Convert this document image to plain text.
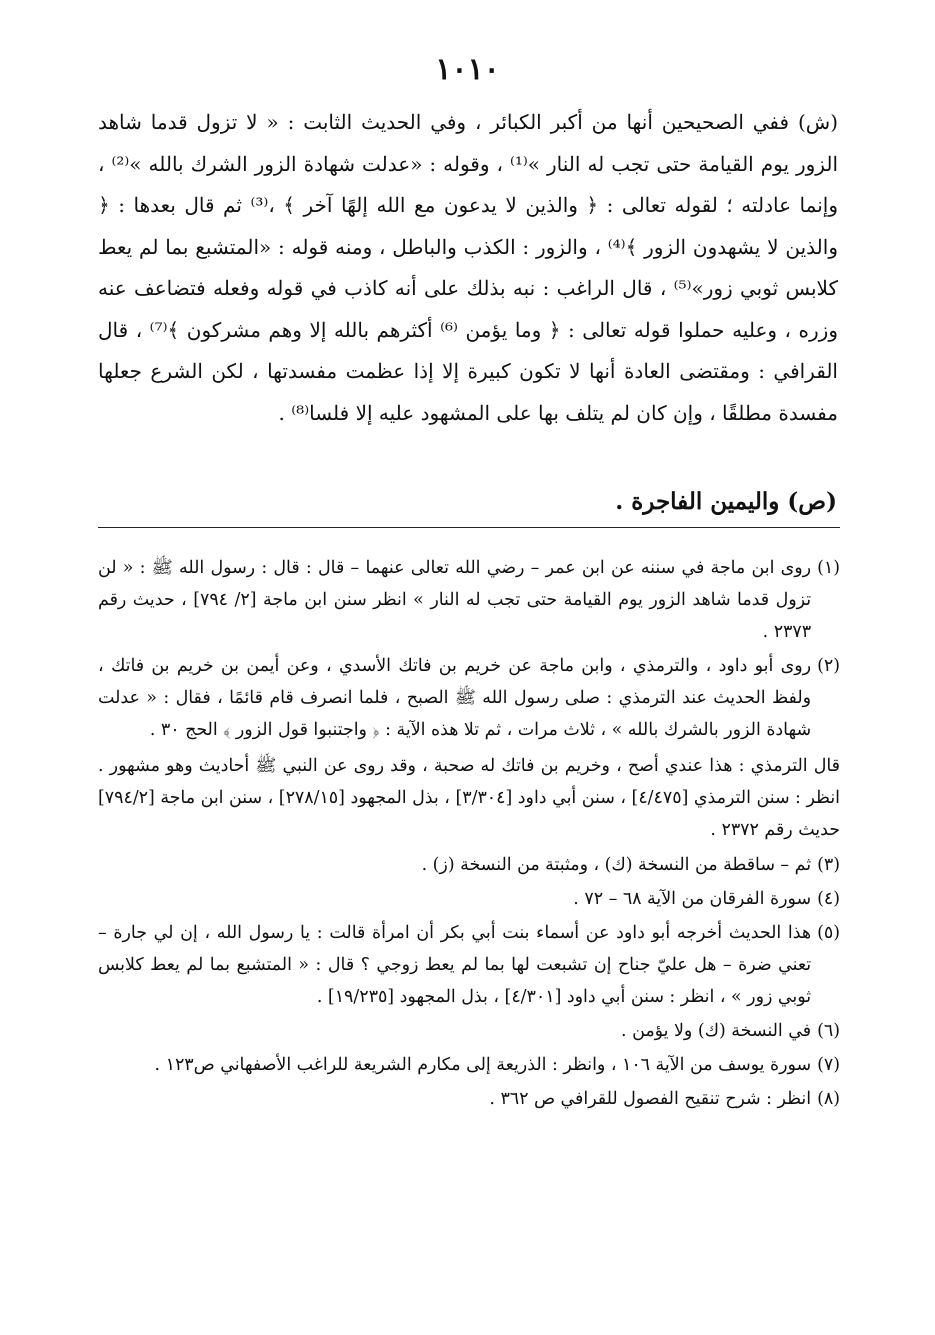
١٠١٠

(ش) ففي الصحيحين أنها من أكبر الكبائر ، وفي الحديث الثابت : « لا تزول قدما شاهد الزور يوم القيامة حتى تجب له النار »⁽¹⁾ ، وقوله : «عدلت شهادة الزور الشرك بالله »⁽²⁾ ، وإنما عادلته ؛ لقوله تعالى : ﴿ والذين لا يدعون مع الله إلهًا آخر ﴾ ،⁽³⁾ ثم قال بعدها : ﴿ والذين لا يشهدون الزور ﴾⁽⁴⁾ ، والزور : الكذب والباطل ، ومنه قوله : «المتشبع بما لم يعط كلابس ثوبي زور»⁽⁵⁾ ، قال الراغب : نبه بذلك على أنه كاذب في قوله وفعله فتضاعف عنه وزره ، وعليه حملوا قوله تعالى : ﴿ وما يؤمن ⁽⁶⁾ أكثرهم بالله إلا وهم مشركون ﴾⁽⁷⁾ ، قال القرافي : ومقتضى العادة أنها لا تكون كبيرة إلا إذا عظمت مفسدتها ، لكن الشرع جعلها مفسدة مطلقًا ، وإن كان لم يتلف بها على المشهود عليه إلا فلسا⁽⁸⁾ .

(ص) واليمين الفاجرة .
(١)
روى ابن ماجة في سننه عن ابن عمر – رضي الله تعالى عنهما – قال : قال : رسول الله ﷺ : « لن تزول قدما شاهد الزور يوم القيامة حتى تجب له النار » انظر سنن ابن ماجة [٢/ ٧٩٤] ، حديث رقم ٢٣٧٣ .
(٢)
روى أبو داود ، والترمذي ، وابن ماجة عن خريم بن فاتك الأسدي ، وعن أيمن بن خريم بن فاتك ، ولفظ الحديث عند الترمذي : صلى رسول الله ﷺ الصبح ، فلما انصرف قام قائمًا ، فقال : « عدلت شهادة الزور بالشرك بالله » ، ثلاث مرات ، ثم تلا هذه الآية : ﴿ واجتنبوا قول الزور ﴾ الحج ٣٠ .
قال الترمذي : هذا عندي أصح ، وخريم بن فاتك له صحبة ، وقد روى عن النبي ﷺ أحاديث وهو مشهور . انظر : سنن الترمذي [٤/٤٧٥] ، سنن أبي داود [٣/٣٠٤] ، بذل المجهود [٢٧٨/١٥] ، سنن ابن ماجة [٧٩٤/٢] حديث رقم ٢٣٧٢ .
(٣)
ثم – ساقطة من النسخة (ك) ، ومثبتة من النسخة (ز) .
(٤)
سورة الفرقان من الآية ٦٨ – ٧٢ .
(٥)
هذا الحديث أخرجه أبو داود عن أسماء بنت أبي بكر أن امرأة قالت : يا رسول الله ، إن لي جارة – تعني ضرة – هل عليّ جناح إن تشبعت لها بما لم يعط زوجي ؟ قال : « المتشبع بما لم يعط كلابس ثوبي زور » ، انظر : سنن أبي داود [٤/٣٠١] ، بذل المجهود [١٩/٢٣٥] .
(٦)
في النسخة (ك) ولا يؤمن .
(٧)
سورة يوسف من الآية ١٠٦ ، وانظر : الذريعة إلى مكارم الشريعة للراغب الأصفهاني ص١٢٣ .
(٨)
انظر : شرح تنقيح الفصول للقرافي ص ٣٦٢ .
